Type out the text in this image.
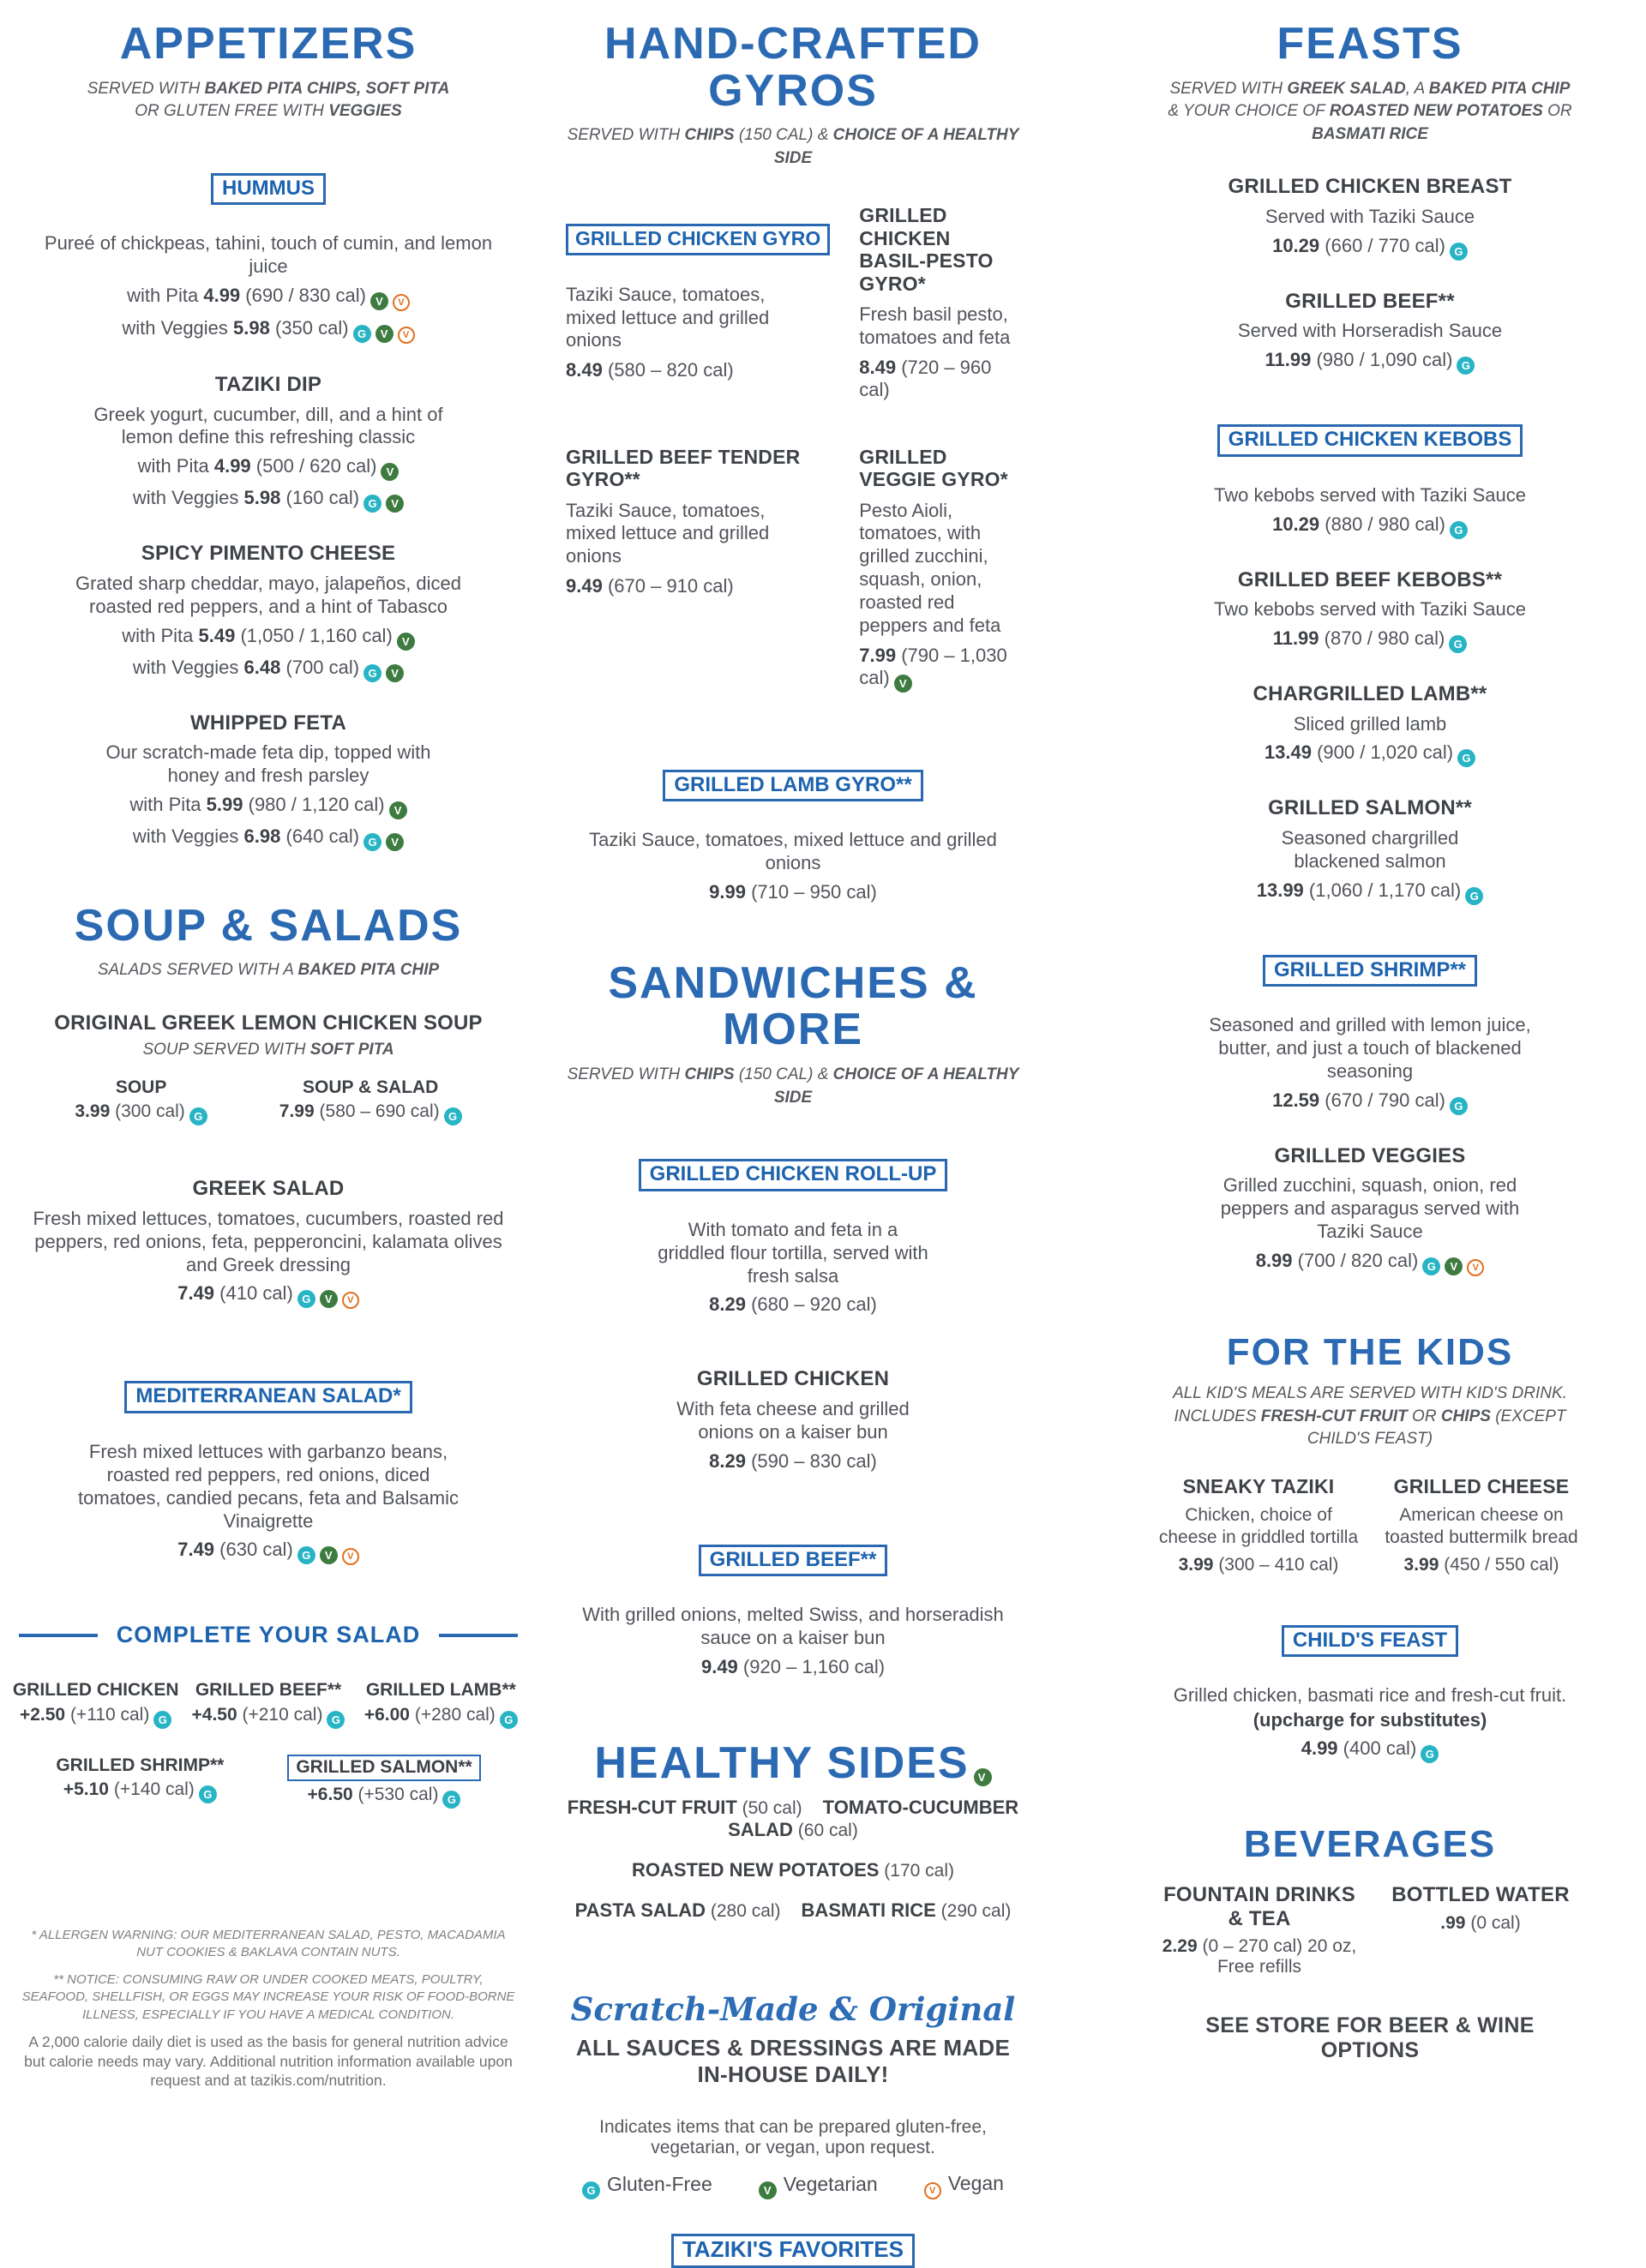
APPETIZERS

SERVED WITH BAKED PITA CHIPS, SOFT PITA
OR GLUTEN FREE WITH VEGGIES

HUMMUS

Pureé of chickpeas, tahini, touch of cumin, and lemon juice

with Pita 4.99 (690 / 830 cal)VV

with Veggies 5.98 (350 cal)GVV

TAZIKI DIP

Greek yogurt, cucumber, dill, and a hint of lemon define this refreshing classic

with Pita 4.99 (500 / 620 cal)V

with Veggies 5.98 (160 cal)GV

SPICY PIMENTO CHEESE

Grated sharp cheddar, mayo, jalapeños, diced roasted red peppers, and a hint of Tabasco

with Pita 5.49 (1,050 / 1,160 cal)V

with Veggies 6.48 (700 cal)GV

WHIPPED FETA

Our scratch-made feta dip, topped with honey and fresh parsley

with Pita 5.99 (980 / 1,120 cal)V

with Veggies 6.98 (640 cal)GV

SOUP & SALADS

SALADS SERVED WITH A BAKED PITA CHIP

ORIGINAL GREEK LEMON CHICKEN SOUP

SOUP SERVED WITH SOFT PITA

SOUP

3.99 (300 cal)G

SOUP & SALAD

7.99 (580 – 690 cal)G

GREEK SALAD

Fresh mixed lettuces, tomatoes, cucumbers, roasted red peppers, red onions, feta, pepperoncini, kalamata olives and Greek dressing

7.49 (410 cal)GVV

MEDITERRANEAN SALAD*

Fresh mixed lettuces with garbanzo beans, roasted red peppers, red onions, diced tomatoes, candied pecans, feta and Balsamic Vinaigrette

7.49 (630 cal)GVV

COMPLETE YOUR SALAD
GRILLED CHICKEN

+2.50 (+110 cal)G

GRILLED BEEF**

+4.50 (+210 cal)G

GRILLED LAMB**

+6.00 (+280 cal)G

GRILLED SHRIMP**

+5.10 (+140 cal)G

GRILLED SALMON**

+6.50 (+530 cal)G

* ALLERGEN WARNING: OUR MEDITERRANEAN SALAD, PESTO, MACADAMIA NUT COOKIES & BAKLAVA CONTAIN NUTS.

** NOTICE: CONSUMING RAW OR UNDER COOKED MEATS, POULTRY, SEAFOOD, SHELLFISH, OR EGGS MAY INCREASE YOUR RISK OF FOOD-BORNE ILLNESS, ESPECIALLY IF YOU HAVE A MEDICAL CONDITION.

A 2,000 calorie daily diet is used as the basis for general nutrition advice but calorie needs may vary. Additional nutrition information available upon request and at tazikis.com/nutrition.

HAND-CRAFTED GYROS

SERVED WITH CHIPS (150 CAL) & CHOICE OF A HEALTHY SIDE

GRILLED CHICKEN GYRO

Taziki Sauce, tomatoes, mixed lettuce and grilled onions

8.49 (580 – 820 cal)

GRILLED CHICKEN BASIL-PESTO GYRO*

Fresh basil pesto, tomatoes and feta

8.49 (720 – 960 cal)

GRILLED BEEF TENDER GYRO**

Taziki Sauce, tomatoes, mixed lettuce and grilled onions

9.49 (670 – 910 cal)

GRILLED VEGGIE GYRO*

Pesto Aioli, tomatoes, with grilled zucchini, squash, onion, roasted red peppers and feta

7.99 (790 – 1,030 cal)V

GRILLED LAMB GYRO**

Taziki Sauce, tomatoes, mixed lettuce and grilled onions

9.99 (710 – 950 cal)

SANDWICHES & MORE

SERVED WITH CHIPS (150 CAL) & CHOICE OF A HEALTHY SIDE

GRILLED CHICKEN ROLL-UP

With tomato and feta in a griddled flour tortilla, served with fresh salsa

8.29 (680 – 920 cal)

GRILLED CHICKEN

With feta cheese and grilled onions on a kaiser bun

8.29 (590 – 830 cal)

GRILLED BEEF**

With grilled onions, melted Swiss, and horseradish sauce on a kaiser bun

9.49 (920 – 1,160 cal)

HEALTHY SIDESV

FRESH-CUT FRUIT (50 cal) TOMATO-CUCUMBER SALAD (60 cal)

ROASTED NEW POTATOES (170 cal)

PASTA SALAD (280 cal) BASMATI RICE (290 cal)

Scratch-Made & Original

ALL SAUCES & DRESSINGS ARE MADE IN-HOUSE DAILY!

Indicates items that can be prepared gluten-free, vegetarian, or vegan, upon request.

GGluten-Free V	Vegetarian V	Vegan
TAZIKI'S FAVORITES
FEASTS

SERVED WITH GREEK SALAD, A BAKED PITA CHIP & YOUR CHOICE OF ROASTED NEW POTATOES OR BASMATI RICE

GRILLED CHICKEN BREAST

Served with Taziki Sauce

10.29 (660 / 770 cal)G

GRILLED BEEF**

Served with Horseradish Sauce

11.99 (980 / 1,090 cal)G

GRILLED CHICKEN KEBOBS

Two kebobs served with Taziki Sauce

10.29 (880 / 980 cal)G

GRILLED BEEF KEBOBS**

Two kebobs served with Taziki Sauce

11.99 (870 / 980 cal)G

CHARGRILLED LAMB**

Sliced grilled lamb

13.49 (900 / 1,020 cal)G

GRILLED SALMON**

Seasoned chargrilled blackened salmon

13.99 (1,060 / 1,170 cal)G

GRILLED SHRIMP**

Seasoned and grilled with lemon juice, butter, and just a touch of blackened seasoning

12.59 (670 / 790 cal)G

GRILLED VEGGIES

Grilled zucchini, squash, onion, red peppers and asparagus served with Taziki Sauce

8.99 (700 / 820 cal)GVV

FOR THE KIDS

ALL KID'S MEALS ARE SERVED WITH KID'S DRINK.
INCLUDES FRESH-CUT FRUIT OR CHIPS (EXCEPT CHILD'S FEAST)

SNEAKY TAZIKI

Chicken, choice of cheese in griddled tortilla

3.99 (300 – 410 cal)

GRILLED CHEESE

American cheese on toasted buttermilk bread

3.99 (450 / 550 cal)

CHILD'S FEAST

Grilled chicken, basmati rice and fresh-cut fruit.

(upcharge for substitutes)

4.99 (400 cal)G

BEVERAGES
FOUNTAIN DRINKS & TEA

2.29 (0 – 270 cal) 20 oz, Free refills

BOTTLED WATER

.99 (0 cal)

SEE STORE FOR BEER & WINE OPTIONS
